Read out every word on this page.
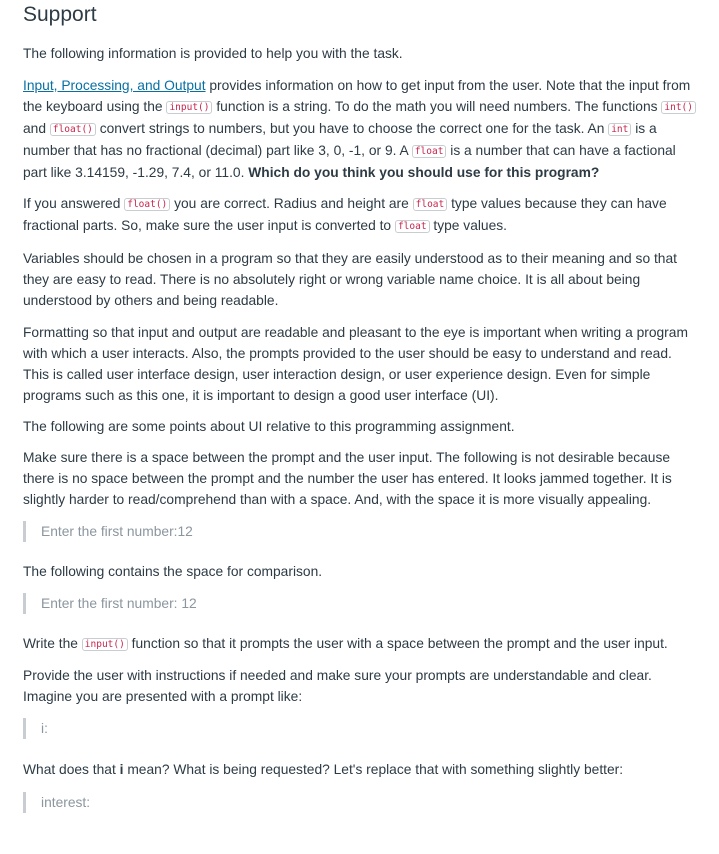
Support

The following information is provided to help you with the task.

Input, Processing, and Output provides information on how to get input from the user. Note that the input from the keyboard using the input() function is a string. To do the math you will need numbers. The functions int() and float() convert strings to numbers, but you have to choose the correct one for the task. An int is a number that has no fractional (decimal) part like 3, 0, -1, or 9. A float is a number that can have a factional part like 3.14159, -1.29, 7.4, or 11.0. Which do you think you should use for this program?

If you answered float() you are correct. Radius and height are float type values because they can have fractional parts. So, make sure the user input is converted to float type values.

Variables should be chosen in a program so that they are easily understood as to their meaning and so that they are easy to read. There is no absolutely right or wrong variable name choice. It is all about being understood by others and being readable.

Formatting so that input and output are readable and pleasant to the eye is important when writing a program with which a user interacts. Also, the prompts provided to the user should be easy to understand and read. This is called user interface design, user interaction design, or user experience design. Even for simple programs such as this one, it is important to design a good user interface (UI).

The following are some points about UI relative to this programming assignment.

Make sure there is a space between the prompt and the user input. The following is not desirable because there is no space between the prompt and the number the user has entered. It looks jammed together. It is slightly harder to read/comprehend than with a space. And, with the space it is more visually appealing.

Enter the first number:12

The following contains the space for comparison.

Enter the first number: 12

Write the input() function so that it prompts the user with a space between the prompt and the user input.

Provide the user with instructions if needed and make sure your prompts are understandable and clear. Imagine you are presented with a prompt like:

i:

What does that i mean? What is being requested? Let's replace that with something slightly better:

interest:
